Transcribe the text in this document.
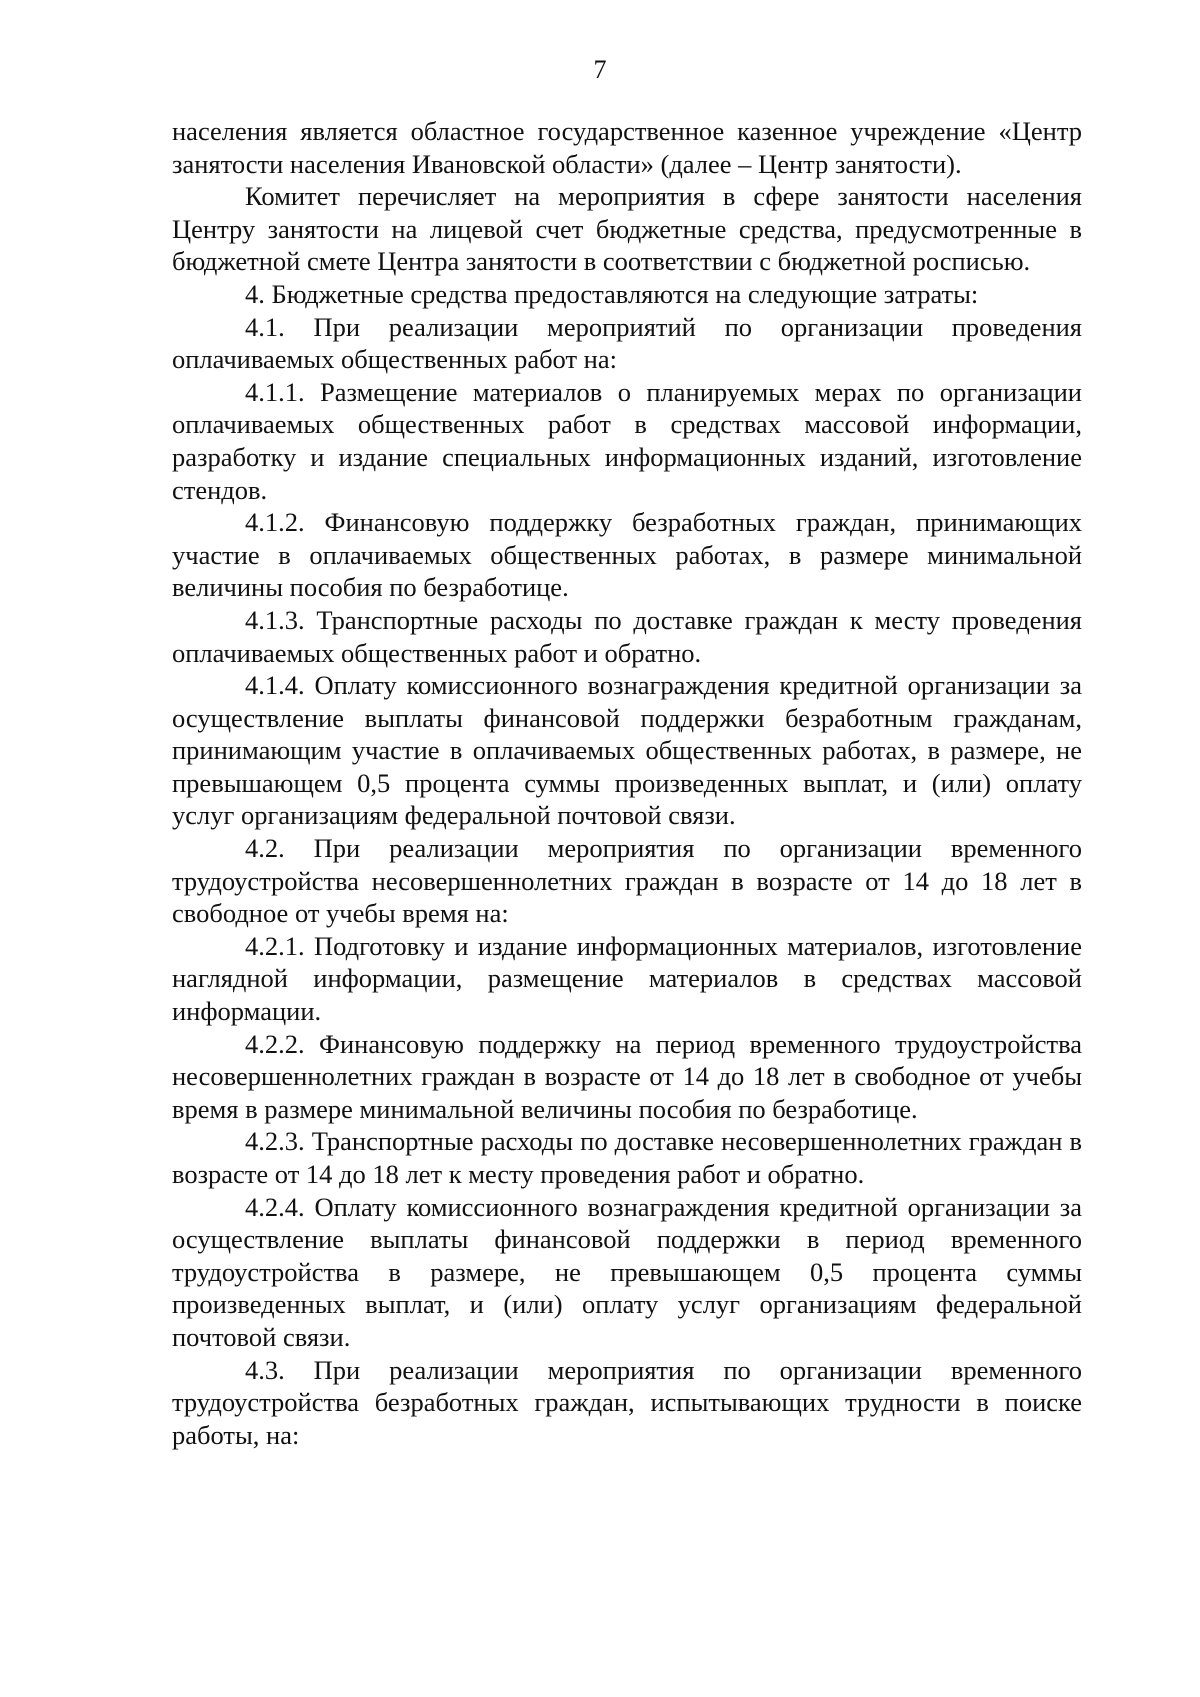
7

населения является областное государственное казенное учреждение «Центр занятости населения Ивановской области» (далее – Центр занятости).

Комитет перечисляет на мероприятия в сфере занятости населения Центру занятости на лицевой счет бюджетные средства, предусмотренные в бюджетной смете Центра занятости в соответствии с бюджетной росписью.

4. Бюджетные средства предоставляются на следующие затраты:

4.1. При реализации мероприятий по организации проведения оплачиваемых общественных работ на:

4.1.1. Размещение материалов о планируемых мерах по организации оплачиваемых общественных работ в средствах массовой информации, разработку и издание специальных информационных изданий, изготовление стендов.

4.1.2. Финансовую поддержку безработных граждан, принимающих участие в оплачиваемых общественных работах, в размере минимальной величины пособия по безработице.

4.1.3. Транспортные расходы по доставке граждан к месту проведения оплачиваемых общественных работ и обратно.

4.1.4. Оплату комиссионного вознаграждения кредитной организации за осуществление выплаты финансовой поддержки безработным гражданам, принимающим участие в оплачиваемых общественных работах, в размере, не превышающем 0,5 процента суммы произведенных выплат, и (или) оплату услуг организациям федеральной почтовой связи.

4.2. При реализации мероприятия по организации временного трудоустройства несовершеннолетних граждан в возрасте от 14 до 18 лет в свободное от учебы время на:

4.2.1. Подготовку и издание информационных материалов, изготовление наглядной информации, размещение материалов в средствах массовой информации.

4.2.2. Финансовую поддержку на период временного трудоустройства несовершеннолетних граждан в возрасте от 14 до 18 лет в свободное от учебы время в размере минимальной величины пособия по безработице.

4.2.3. Транспортные расходы по доставке несовершеннолетних граждан в возрасте от 14 до 18 лет к месту проведения работ и обратно.

4.2.4. Оплату комиссионного вознаграждения кредитной организации за осуществление выплаты финансовой поддержки в период временного трудоустройства в размере, не превышающем 0,5 процента суммы произведенных выплат, и (или) оплату услуг организациям федеральной почтовой связи.

4.3. При реализации мероприятия по организации временного трудоустройства безработных граждан, испытывающих трудности в поиске работы, на:
